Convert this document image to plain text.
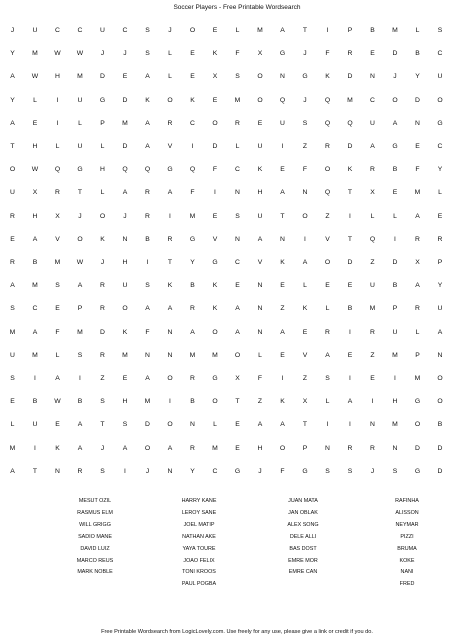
Soccer Players - Free Printable Wordsearch
J	U	C	C	U	C	S	J	O	E	L	M	A	T	I	P	B	M	L	S
Y	M	W	W	J	J	S	L	E	K	F	X	G	J	F	R	E	D	B	C
A	W	H	M	D	E	A	L	E	X	S	O	N	G	K	D	N	J	Y	U
Y	L	I	U	G	D	K	O	K	E	M	O	Q	J	Q	M	C	O	D	O
A	E	I	L	P	M	A	R	C	O	R	E	U	S	Q	Q	U	A	N	G
T	H	L	U	L	D	A	V	I	D	L	U	I	Z	R	D	A	G	E	C
O	W	Q	G	H	Q	Q	G	Q	F	C	K	E	F	O	K	R	B	F	Y
U	X	R	T	L	A	R	A	F	I	N	H	A	N	Q	T	X	E	M	L
R	H	X	J	O	J	R	I	M	E	S	U	T	O	Z	I	L	L	A	E
E	A	V	O	K	N	B	R	G	V	N	A	N	I	V	T	Q	I	R	R
R	B	M	W	J	H	I	T	Y	G	C	V	K	A	O	D	Z	D	X	P
A	M	S	A	R	U	S	K	B	K	E	N	E	L	E	E	U	B	A	Y
S	C	E	P	R	O	A	A	R	K	A	N	Z	K	L	B	M	P	R	U
M	A	F	M	D	K	F	N	A	O	A	N	A	E	R	I	R	U	L	A
U	M	L	S	R	M	N	N	M	M	O	L	E	V	A	E	Z	M	P	N
S	I	A	I	Z	E	A	O	R	G	X	F	I	Z	S	I	E	I	M	O
E	B	W	B	S	H	M	I	B	O	T	Z	K	X	L	A	I	H	G	O
L	U	E	A	T	S	D	O	N	L	E	A	A	T	I	I	N	M	O	B
M	I	K	A	J	A	O	A	R	M	E	H	O	P	N	R	R	N	D	D
A	T	N	R	S	I	J	N	Y	C	G	J	F	G	S	S	J	S	G	D
MESUT OZIL
RASMUS ELM
WILL GRIGG
SADIO MANE
DAVID LUIZ
MARCO REUS
MARK NOBLE
HARRY KANE
LEROY SANE
JOEL MATIP
NATHAN AKE
YAYA TOURE
JOAO FELIX
TONI KROOS
PAUL POGBA
JUAN MATA
JAN OBLAK
ALEX SONG
DELE ALLI
BAS DOST
EMRE MOR
EMRE CAN
RAFINHA
ALISSON
NEYMAR
PIZZI
BRUMA
KOKE
NANI
FRED
Free Printable Wordsearch from LogicLovely.com. Use freely for any use, please give a link or credit if you do.
